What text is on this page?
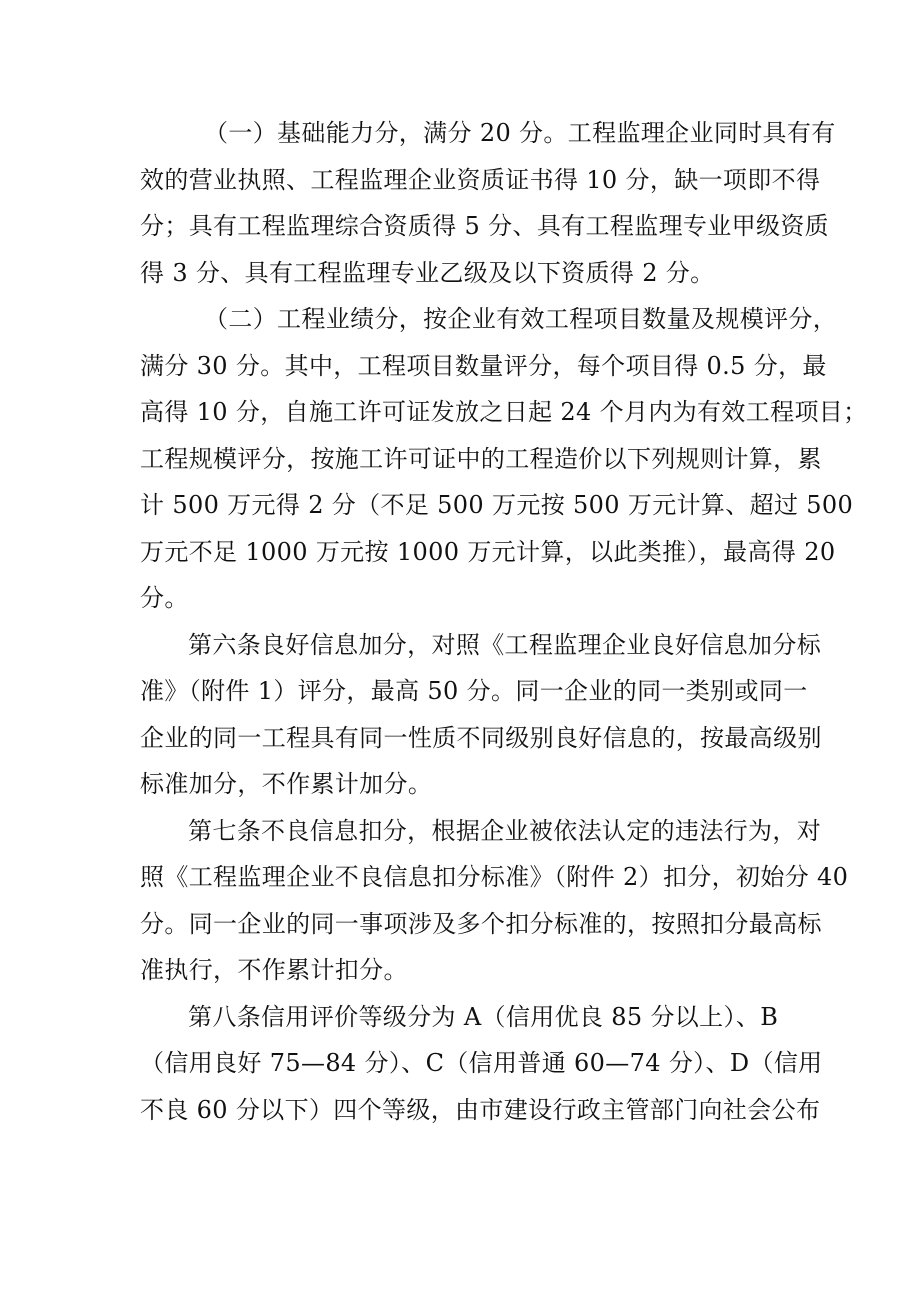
（一）基础能力分，满分 20 分。工程监理企业同时具有有
效的营业执照、工程监理企业资质证书得 10 分，缺一项即不得
分；具有工程监理综合资质得 5 分、具有工程监理专业甲级资质
得 3 分、具有工程监理专业乙级及以下资质得 2 分。

（二）工程业绩分，按企业有效工程项目数量及规模评分，
满分 30 分。其中，工程项目数量评分，每个项目得 0.5 分，最
高得 10 分，自施工许可证发放之日起 24 个月内为有效工程项目；
工程规模评分，按施工许可证中的工程造价以下列规则计算，累
计 500 万元得 2 分（不足 500 万元按 500 万元计算、超过 500
万元不足 1000 万元按 1000 万元计算，以此类推），最高得 20
分。

第六条良好信息加分，对照《工程监理企业良好信息加分标
准》（附件 1）评分，最高 50 分。同一企业的同一类别或同一
企业的同一工程具有同一性质不同级别良好信息的，按最高级别
标准加分，不作累计加分。

第七条不良信息扣分，根据企业被依法认定的违法行为，对
照《工程监理企业不良信息扣分标准》（附件 2）扣分，初始分 40
分。同一企业的同一事项涉及多个扣分标准的，按照扣分最高标
准执行，不作累计扣分。

第八条信用评价等级分为 A（信用优良 85 分以上）、B
（信用良好 75—84 分）、C（信用普通 60—74 分）、D（信用
不良 60 分以下）四个等级，由市建设行政主管部门向社会公布
